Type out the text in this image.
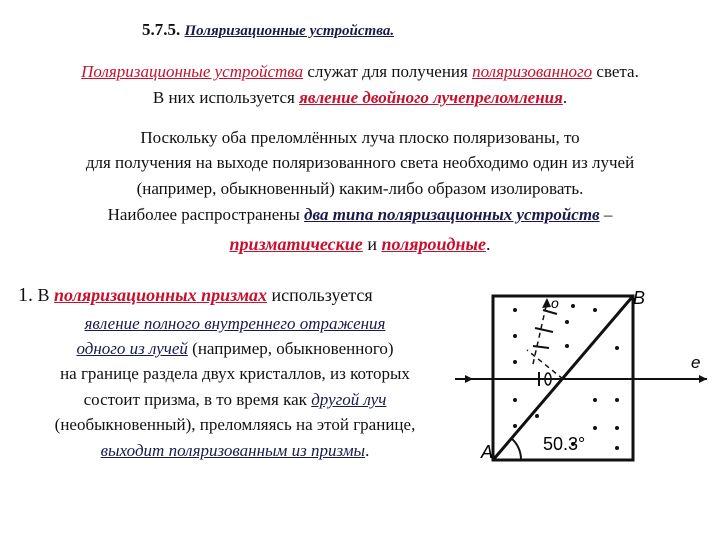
5.7.5. Поляризационные устройства.
Поляризационные устройства служат для получения поляризованного света.
В них используется явление двойного лучепреломления.
Поскольку оба преломлённых луча плоско поляризованы, то
для получения на выходе поляризованного света необходимо один из лучей
(например, обыкновенный) каким-либо образом изолировать.
Наиболее распространены два типа поляризационных устройств –
призматические и поляроидные.
1. В поляризационных призмах используется
явление полного внутреннего отражения
одного из лучей (например, обыкновенного)
на границе раздела двух кристаллов, из которых
состоит призма, в то время как другой луч
(необыкновенный), преломляясь на этой границе,
выходит поляризованным из призмы.
o	B
e
A	50.3°
